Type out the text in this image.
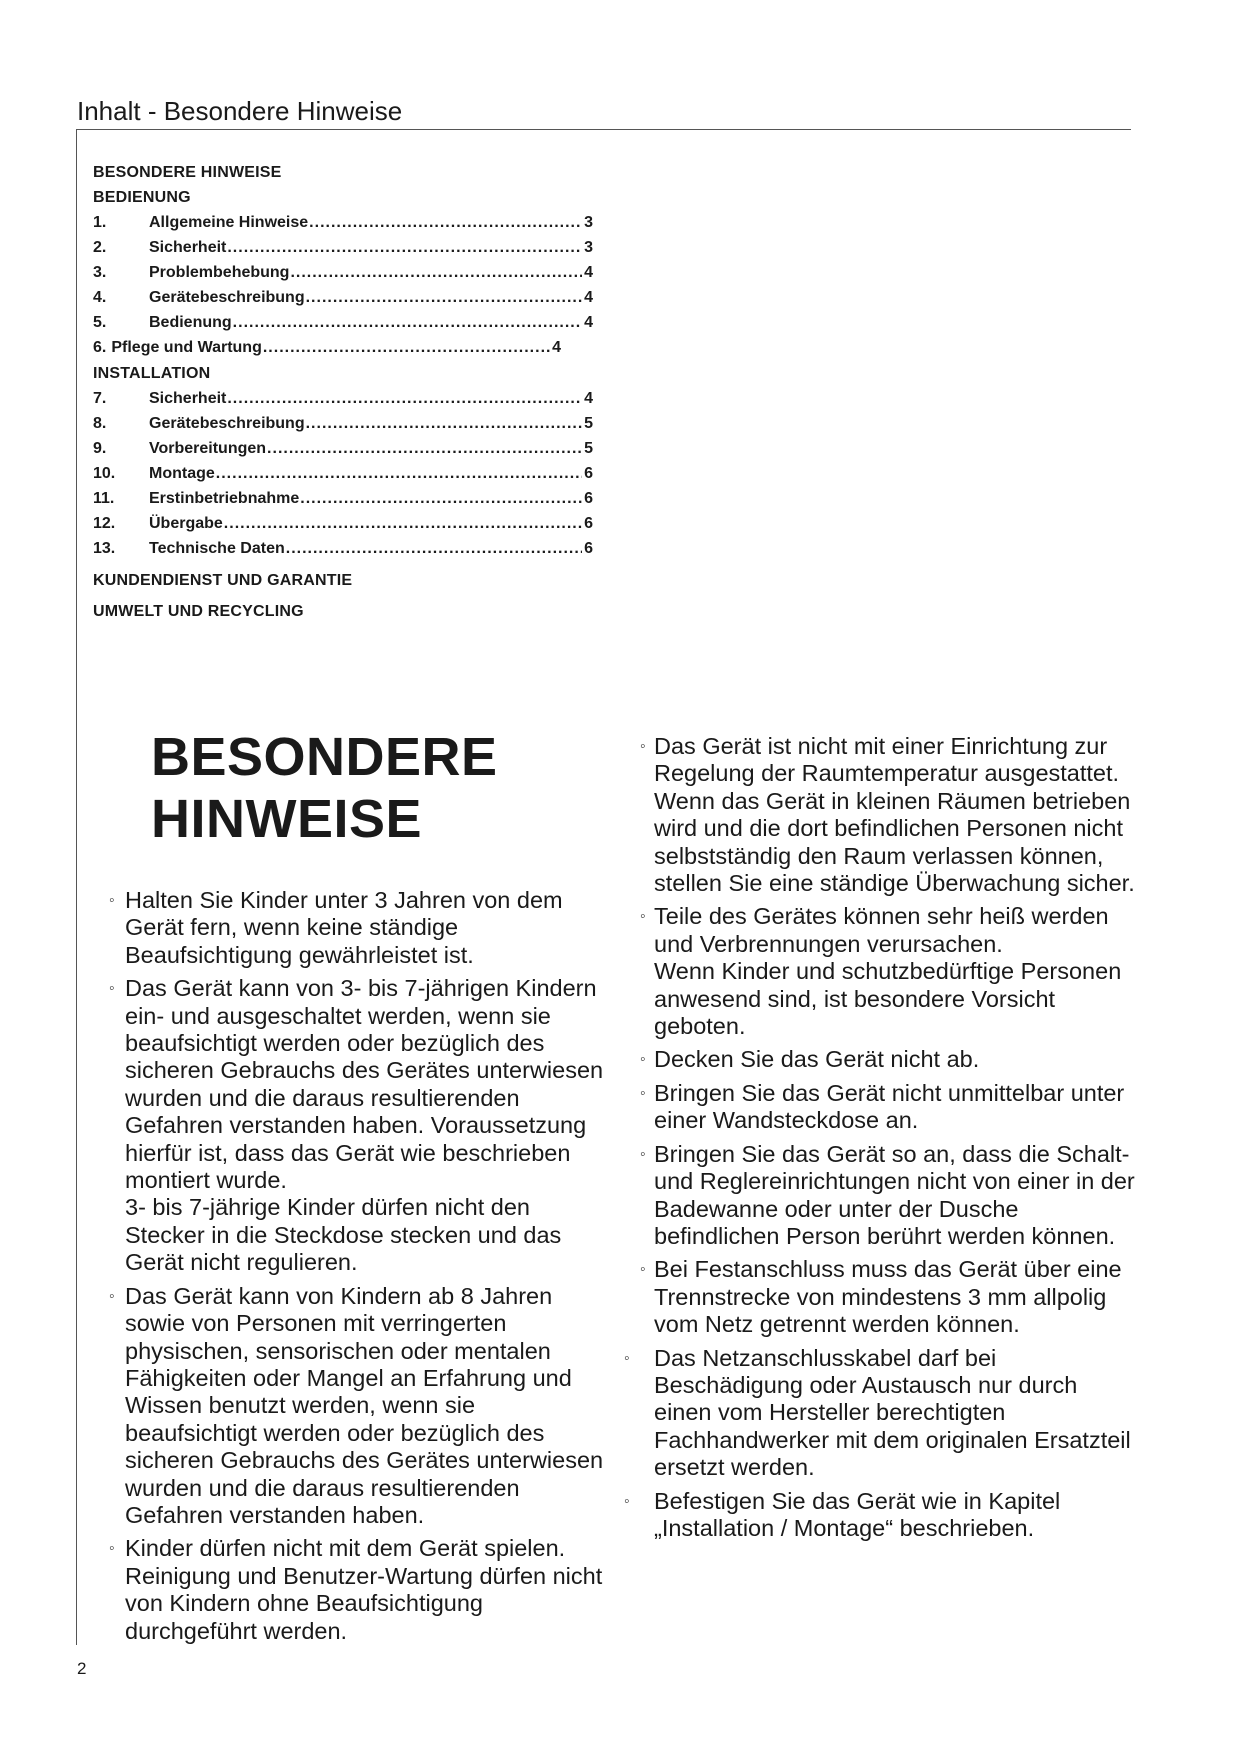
Inhalt - Besondere Hinweise
BESONDERE HINWEISE
BEDIENUNG
1.	Allgemeine Hinweise .....	3
2.	Sicherheit .....	3
3.	Problembehebung .....	4
4.	Gerätebeschreibung .....	4
5.	Bedienung .....	4
6. Pflege und Wartung .....	4
INSTALLATION
7.	Sicherheit .....	4
8.	Gerätebeschreibung .....	5
9.	Vorbereitungen .....	5
10.	Montage .....	6
11.	Erstinbetriebnahme .....	6
12.	Übergabe .....	6
13.	Technische Daten .....	6
KUNDENDIENST UND GARANTIE
UMWELT UND RECYCLING
BESONDERE
HINWEISE
◦ Halten Sie Kinder unter 3 Jahren von dem Gerät fern, wenn keine ständige Beaufsichtigung gewährleistet ist.
◦ Das Gerät kann von 3- bis 7-jährigen Kindern ein- und ausgeschaltet werden, wenn sie beaufsichtigt werden oder bezüglich des sicheren Gebrauchs des Gerätes unterwiesen wurden und die daraus resultierenden Gefahren verstanden haben. Voraussetzung hierfür ist, dass das Gerät wie beschrieben montiert wurde.
3- bis 7-jährige Kinder dürfen nicht den Stecker in die Steckdose stecken und das Gerät nicht regulieren.
◦ Das Gerät kann von Kindern ab 8 Jahren sowie von Personen mit verringerten physischen, sensorischen oder mentalen Fähigkeiten oder Mangel an Erfahrung und Wissen benutzt werden, wenn sie beaufsichtigt werden oder bezüglich des sicheren Gebrauchs des Gerätes unterwiesen wurden und die daraus resultierenden Gefahren verstanden haben.
◦ Kinder dürfen nicht mit dem Gerät spielen. Reinigung und Benutzer-Wartung dürfen nicht von Kindern ohne Beaufsichtigung durchgeführt werden.
◦ Das Gerät ist nicht mit einer Einrichtung zur Regelung der Raumtemperatur ausgestattet. Wenn das Gerät in kleinen Räumen betrieben wird und die dort befindlichen Personen nicht selbstständig den Raum verlassen können, stellen Sie eine ständige Überwachung sicher.
◦ Teile des Gerätes können sehr heiß werden und Verbrennungen verursachen.
Wenn Kinder und schutzbedürftige Personen anwesend sind, ist besondere Vorsicht geboten.
◦ Decken Sie das Gerät nicht ab.
◦ Bringen Sie das Gerät nicht unmittelbar unter einer Wandsteckdose an.
◦ Bringen Sie das Gerät so an, dass die Schalt- und Reglereinrichtungen nicht von einer in der Badewanne oder unter der Dusche befindlichen Person berührt werden können.
◦ Bei Festanschluss muss das Gerät über eine Trennstrecke von mindestens 3 mm allpolig vom Netz getrennt werden können.
◦	Das Netzanschlusskabel darf bei Beschädigung oder Austausch nur durch einen vom Hersteller berechtigten Fachhandwerker mit dem originalen Ersatzteil ersetzt werden.
◦	Befestigen Sie das Gerät wie in Kapitel „Installation / Montage“ beschrieben.
2
